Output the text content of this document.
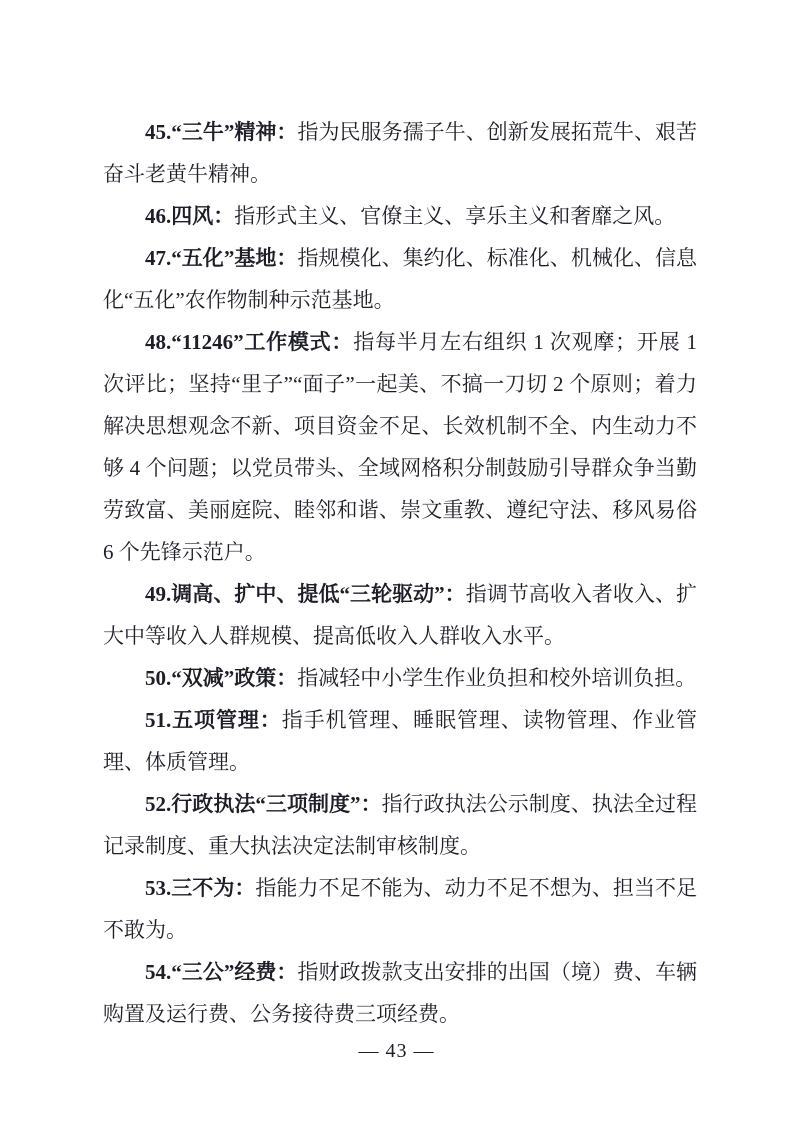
45.“三牛”精神：指为民服务孺子牛、创新发展拓荒牛、艰苦奋斗老黄牛精神。

46.四风：指形式主义、官僚主义、享乐主义和奢靡之风。

47.“五化”基地：指规模化、集约化、标准化、机械化、信息化“五化”农作物制种示范基地。

48.“11246”工作模式：指每半月左右组织 1 次观摩；开展 1 次评比；坚持“里子”“面子”一起美、不搞一刀切 2 个原则；着力解决思想观念不新、项目资金不足、长效机制不全、内生动力不够 4 个问题；以党员带头、全域网格积分制鼓励引导群众争当勤劳致富、美丽庭院、睦邻和谐、崇文重教、遵纪守法、移风易俗 6 个先锋示范户。

49.调高、扩中、提低“三轮驱动”：指调节高收入者收入、扩大中等收入人群规模、提高低收入人群收入水平。

50.“双减”政策：指减轻中小学生作业负担和校外培训负担。

51.五项管理：指手机管理、睡眠管理、读物管理、作业管理、体质管理。

52.行政执法“三项制度”：指行政执法公示制度、执法全过程记录制度、重大执法决定法制审核制度。

53.三不为：指能力不足不能为、动力不足不想为、担当不足不敢为。

54.“三公”经费：指财政拨款支出安排的出国（境）费、车辆购置及运行费、公务接待费三项经费。

— 43 —
